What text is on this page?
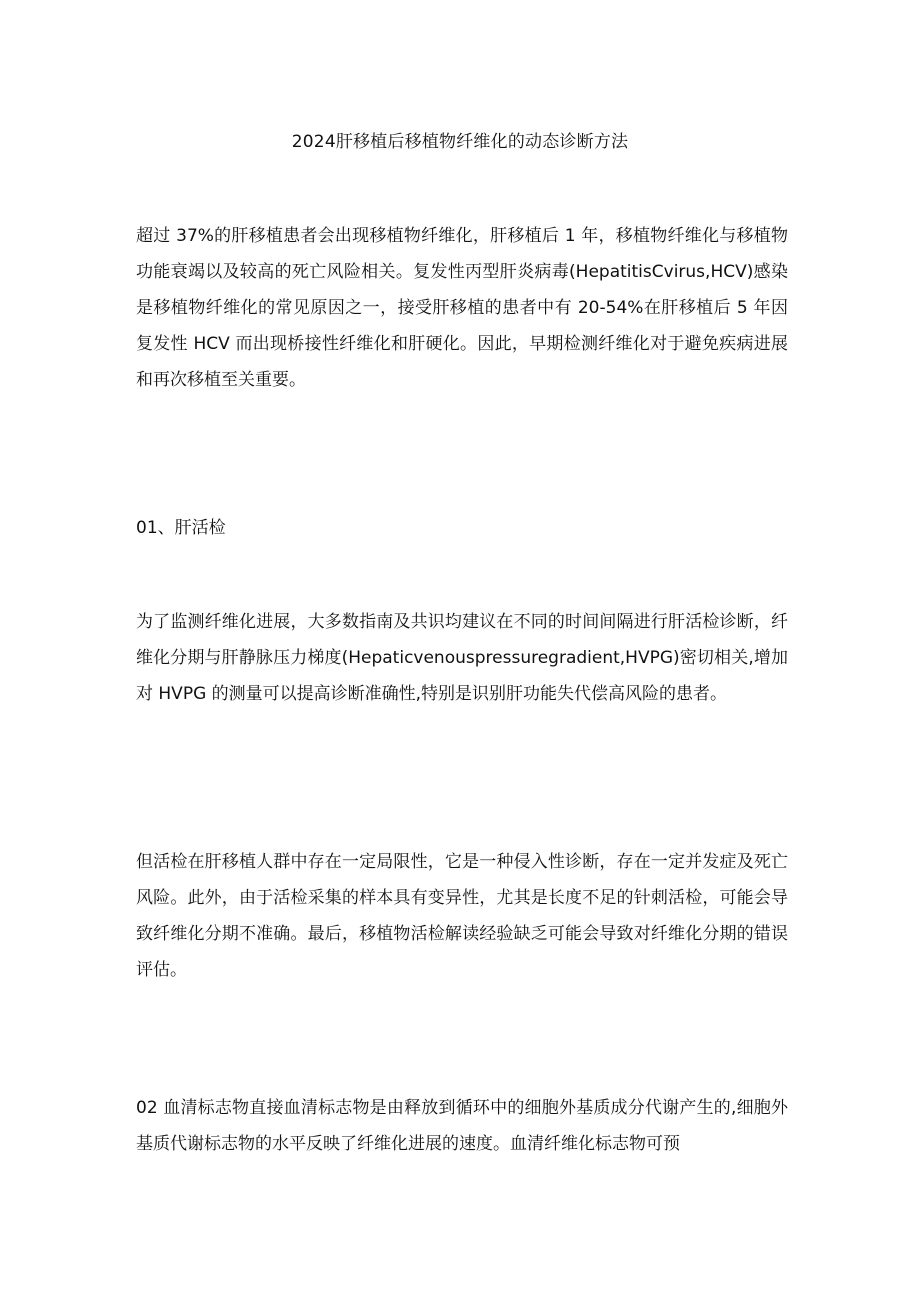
2024肝移植后移植物纤维化的动态诊断方法

超过 37%的肝移植患者会出现移植物纤维化，肝移植后 1 年，移植物纤维化与移植物功能衰竭以及较高的死亡风险相关。复发性丙型肝炎病毒(HepatitisCvirus,HCV)感染是移植物纤维化的常见原因之一，接受肝移植的患者中有 20-54%在肝移植后 5 年因复发性 HCV 而出现桥接性纤维化和肝硬化。因此，早期检测纤维化对于避免疾病进展和再次移植至关重要。

01、肝活检

为了监测纤维化进展，大多数指南及共识均建议在不同的时间间隔进行肝活检诊断，纤维化分期与肝静脉压力梯度(Hepaticvenouspressuregradient,HVPG)密切相关,增加对 HVPG 的测量可以提高诊断准确性,特别是识别肝功能失代偿高风险的患者。

但活检在肝移植人群中存在一定局限性，它是一种侵入性诊断，存在一定并发症及死亡风险。此外，由于活检采集的样本具有变异性，尤其是长度不足的针刺活检，可能会导致纤维化分期不准确。最后，移植物活检解读经验缺乏可能会导致对纤维化分期的错误评估。

02 血清标志物直接血清标志物是由释放到循环中的细胞外基质成分代谢产生的,细胞外基质代谢标志物的水平反映了纤维化进展的速度。血清纤维化标志物可预
